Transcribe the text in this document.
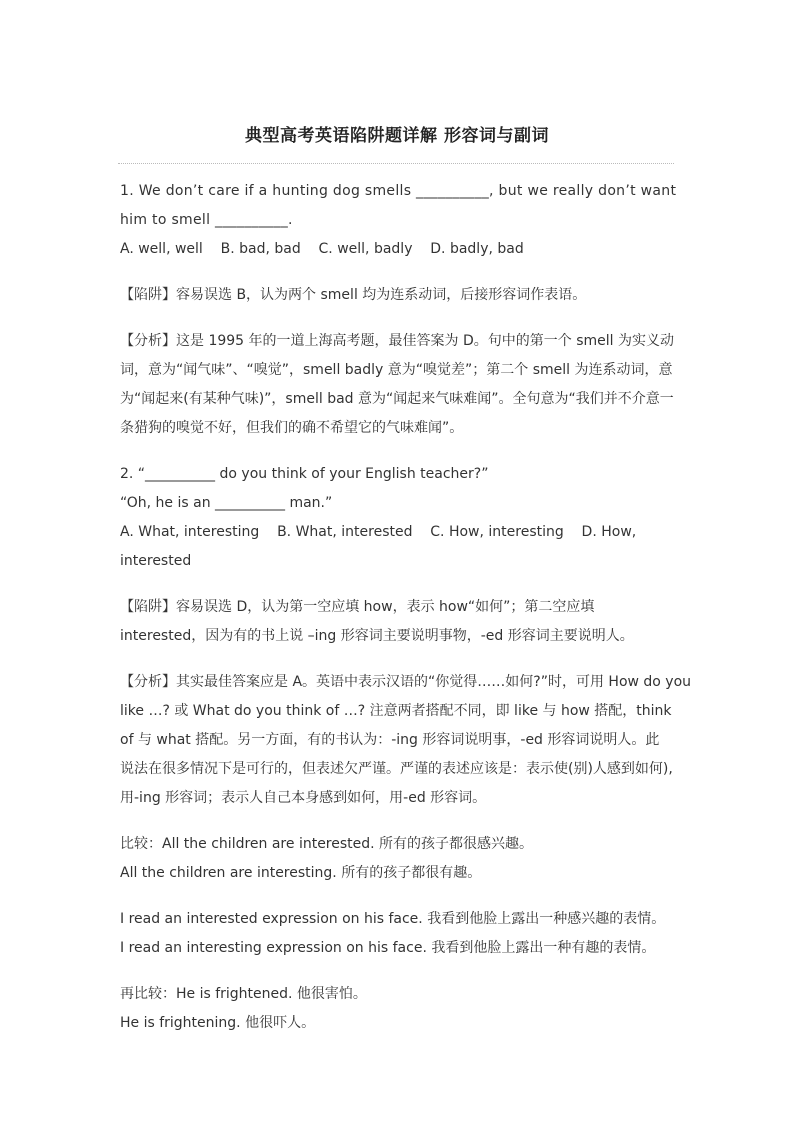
典型高考英语陷阱题详解 形容词与副词

1. We don’t care if a hunting dog smells __________, but we really don’t want
him to smell __________.
A. well, well    B. bad, bad    C. well, badly    D. badly, bad

【陷阱】容易误选 B，认为两个 smell 均为连系动词，后接形容词作表语。

【分析】这是 1995 年的一道上海高考题，最佳答案为 D。句中的第一个 smell 为实义动
词，意为“闻气味”、“嗅觉”，smell badly 意为“嗅觉差”；第二个 smell 为连系动词，意
为“闻起来(有某种气味)”，smell bad 意为“闻起来气味难闻”。全句意为“我们并不介意一
条猎狗的嗅觉不好，但我们的确不希望它的气味难闻”。

2. “__________ do you think of your English teacher?”
“Oh, he is an __________ man.”
A. What, interesting    B. What, interested    C. How, interesting    D. How,
interested

【陷阱】容易误选 D，认为第一空应填 how，表示 how“如何”；第二空应填
interested，因为有的书上说 –ing 形容词主要说明事物，-ed 形容词主要说明人。

【分析】其实最佳答案应是 A。英语中表示汉语的“你觉得……如何?”时，可用 How do you
like …? 或 What do you think of …? 注意两者搭配不同，即 like 与 how 搭配，think
of 与 what 搭配。另一方面，有的书认为：-ing 形容词说明事，-ed 形容词说明人。此
说法在很多情况下是可行的，但表述欠严谨。严谨的表述应该是：表示使(别)人感到如何),
用-ing 形容词；表示人自己本身感到如何，用-ed 形容词。

比较：All the children are interested. 所有的孩子都很感兴趣。
All the children are interesting. 所有的孩子都很有趣。

I read an interested expression on his face. 我看到他脸上露出一种感兴趣的表情。
I read an interesting expression on his face. 我看到他脸上露出一种有趣的表情。

再比较：He is frightened. 他很害怕。
He is frightening. 他很吓人。
